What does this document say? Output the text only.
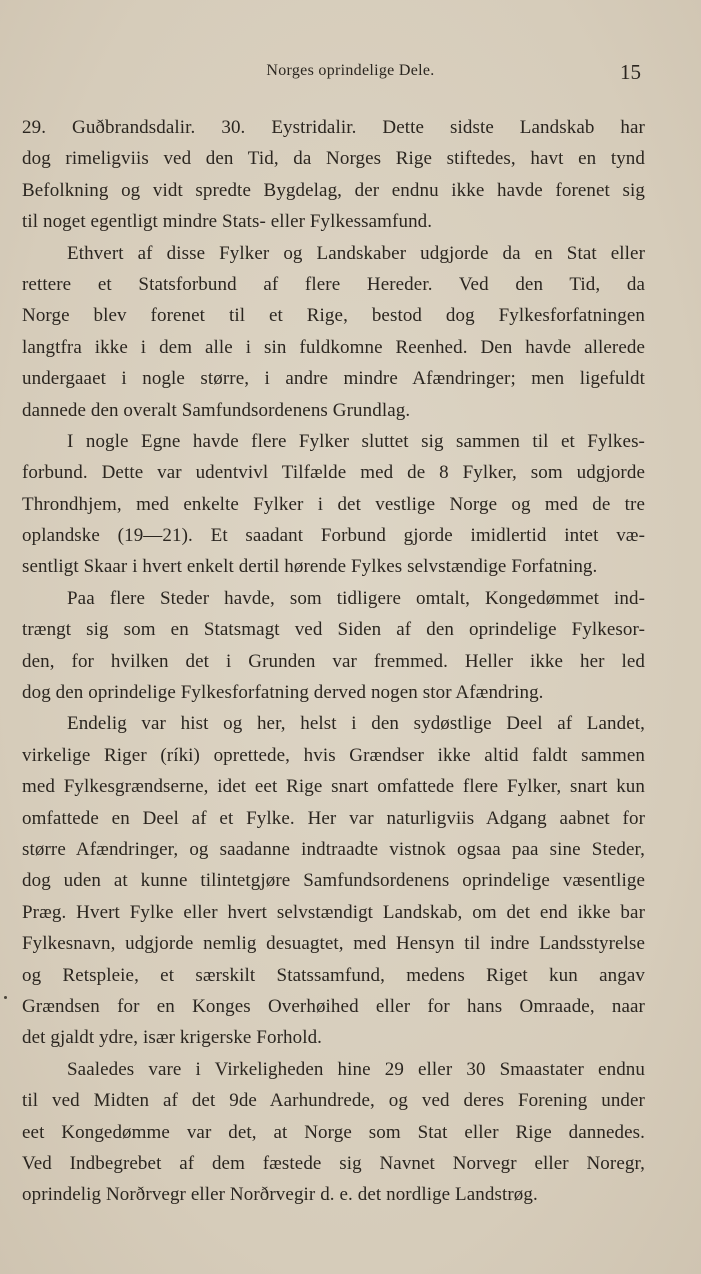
Norges oprindelige Dele.	15
29. Guðbrandsdalir. 30. Eystridalir. Dette sidste Landskab har
dog rimeligviis ved den Tid, da Norges Rige stiftedes, havt en tynd
Befolkning og vidt spredte Bygdelag, der endnu ikke havde forenet sig
til noget egentligt mindre Stats- eller Fylkessamfund.
Ethvert af disse Fylker og Landskaber udgjorde da en Stat eller
rettere et Statsforbund af flere Hereder. Ved den Tid, da
Norge blev forenet til et Rige, bestod dog Fylkesforfatningen
langtfra ikke i dem alle i sin fuldkomne Reenhed. Den havde allerede
undergaaet i nogle større, i andre mindre Afændringer; men ligefuldt
dannede den overalt Samfundsordenens Grundlag.
I nogle Egne havde flere Fylker sluttet sig sammen til et Fylkes-
forbund. Dette var udentvivl Tilfælde med de 8 Fylker, som udgjorde
Throndhjem, med enkelte Fylker i det vestlige Norge og med de tre
oplandske (19—21). Et saadant Forbund gjorde imidlertid intet væ-
sentligt Skaar i hvert enkelt dertil hørende Fylkes selvstændige Forfatning.
Paa flere Steder havde, som tidligere omtalt, Kongedømmet ind-
trængt sig som en Statsmagt ved Siden af den oprindelige Fylkesor-
den, for hvilken det i Grunden var fremmed. Heller ikke her led
dog den oprindelige Fylkesforfatning derved nogen stor Afændring.
Endelig var hist og her, helst i den sydøstlige Deel af Landet,
virkelige Riger (ríki) oprettede, hvis Grændser ikke altid faldt sammen
med Fylkesgrændserne, idet eet Rige snart omfattede flere Fylker, snart kun
omfattede en Deel af et Fylke. Her var naturligviis Adgang aabnet for
større Afændringer, og saadanne indtraadte vistnok ogsaa paa sine Steder,
dog uden at kunne tilintetgjøre Samfundsordenens oprindelige væsentlige
Præg. Hvert Fylke eller hvert selvstændigt Landskab, om det end ikke bar
Fylkesnavn, udgjorde nemlig desuagtet, med Hensyn til indre Landsstyrelse
og Retspleie, et særskilt Statssamfund, medens Riget kun angav
Grændsen for en Konges Overhøihed eller for hans Omraade, naar
det gjaldt ydre, især krigerske Forhold.
Saaledes vare i Virkeligheden hine 29 eller 30 Smaastater endnu
til ved Midten af det 9de Aarhundrede, og ved deres Forening under
eet Kongedømme var det, at Norge som Stat eller Rige dannedes.
Ved Indbegrebet af dem fæstede sig Navnet Norvegr eller Noregr,
oprindelig Norðrvegr eller Norðrvegir d. e. det nordlige Landstrøg.
